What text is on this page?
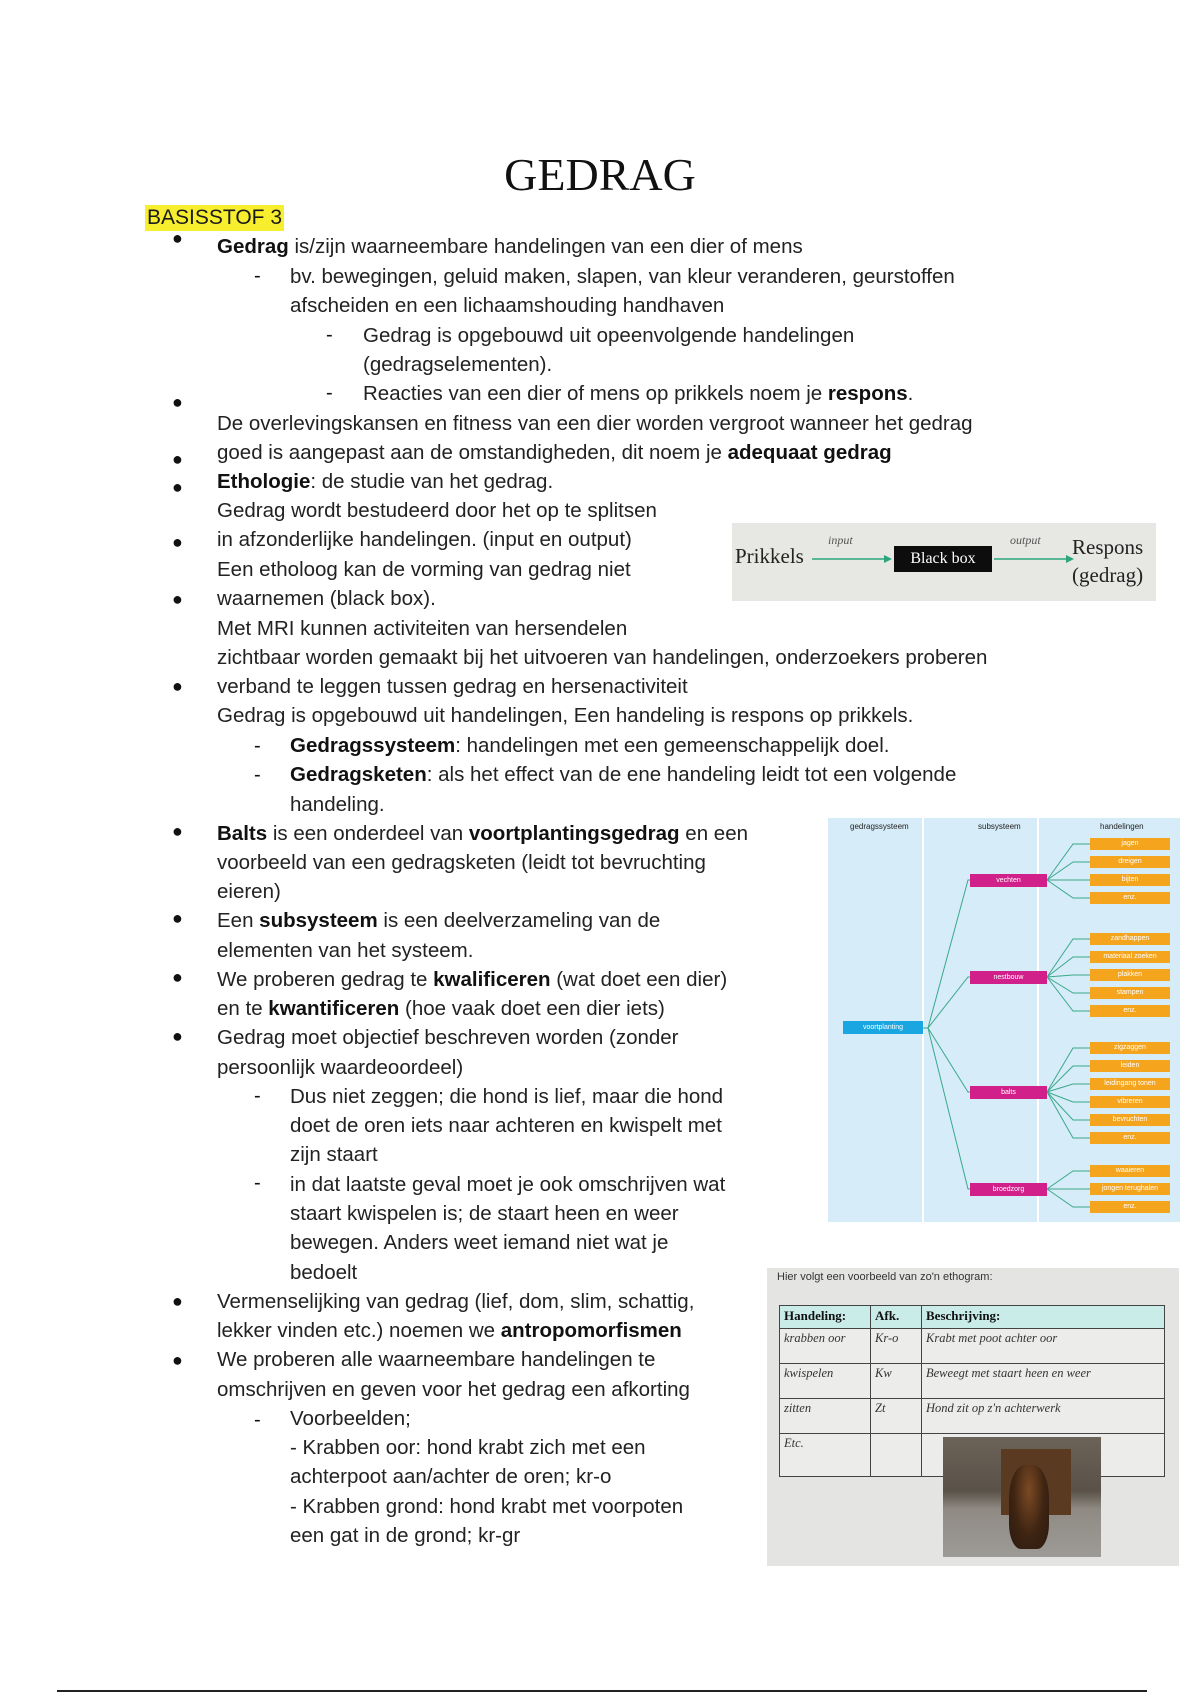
GEDRAG
BASISSTOF 3
●
●
●
●
●
●
●
●
●
●
●
●
●
-
-
-
-
-
-
-
-
Gedrag is/zijn waarneembare handelingen van een dier of mens
bv. bewegingen, geluid maken, slapen, van kleur veranderen, geurstoffen
afscheiden en een lichaamshouding handhaven
Gedrag is opgebouwd uit opeenvolgende handelingen
(gedragselementen).
Reacties van een dier of mens op prikkels noem je respons.
De overlevingskansen en fitness van een dier worden vergroot wanneer het gedrag
goed is aangepast aan de omstandigheden, dit noem je adequaat gedrag
Ethologie: de studie van het gedrag.
Gedrag wordt bestudeerd door het op te splitsen
in afzonderlijke handelingen. (input en output)
Een etholoog kan de vorming van gedrag niet
waarnemen (black box).
Met MRI kunnen activiteiten van hersendelen
zichtbaar worden gemaakt bij het uitvoeren van handelingen, onderzoekers proberen
verband te leggen tussen gedrag en hersenactiviteit
Gedrag is opgebouwd uit handelingen, Een handeling is respons op prikkels.
Gedragssysteem: handelingen met een gemeenschappelijk doel.
Gedragsketen: als het effect van de ene handeling leidt tot een volgende
handeling.
Balts is een onderdeel van voortplantingsgedrag en een
voorbeeld van een gedragsketen (leidt tot bevruchting
eieren)
Een subsysteem is een deelverzameling van de
elementen van het systeem.
We proberen gedrag te kwalificeren (wat doet een dier)
en te kwantificeren (hoe vaak doet een dier iets)
Gedrag moet objectief beschreven worden (zonder
persoonlijk waardeoordeel)
Dus niet zeggen; die hond is lief, maar die hond
doet de oren iets naar achteren en kwispelt met
zijn staart
in dat laatste geval moet je ook omschrijven wat
staart kwispelen is; de staart heen en weer
bewegen. Anders weet iemand niet wat je
bedoelt
Vermenselijking van gedrag (lief, dom, slim, schattig,
lekker vinden etc.) noemen we antropomorfismen
We proberen alle waarneembare handelingen te
omschrijven en geven voor het gedrag een afkorting
Voorbeelden;
- Krabben oor: hond krabt zich met een
achterpoot aan/achter de oren; kr-o
- Krabben grond: hond krabt met voorpoten
een gat in de grond; kr-gr
Prikkels
input
Black box
output Respons
(gedrag)
gedragssysteem	subsysteem	handelingen
voortplanting
vechten
nestbouw
balts
broedzorg
jagen
dreigen
bijten
enz.
zandhappen
materiaal zoeken
plakken
stampen
enz.
zigzaggen
leiden
leidingang tonen
vibreren
bevruchten
enz.
waaieren
jongen terughalen
enz.
Hier volgt een voorbeeld van zo'n ethogram:
Handeling:	Afk.	Beschrijving:
krabben oor	Kr-o	Krabt met poot achter oor
kwispelen	Kw	Beweegt met staart heen en weer
zitten	Zt	Hond zit op z'n achterwerk
Etc.		
